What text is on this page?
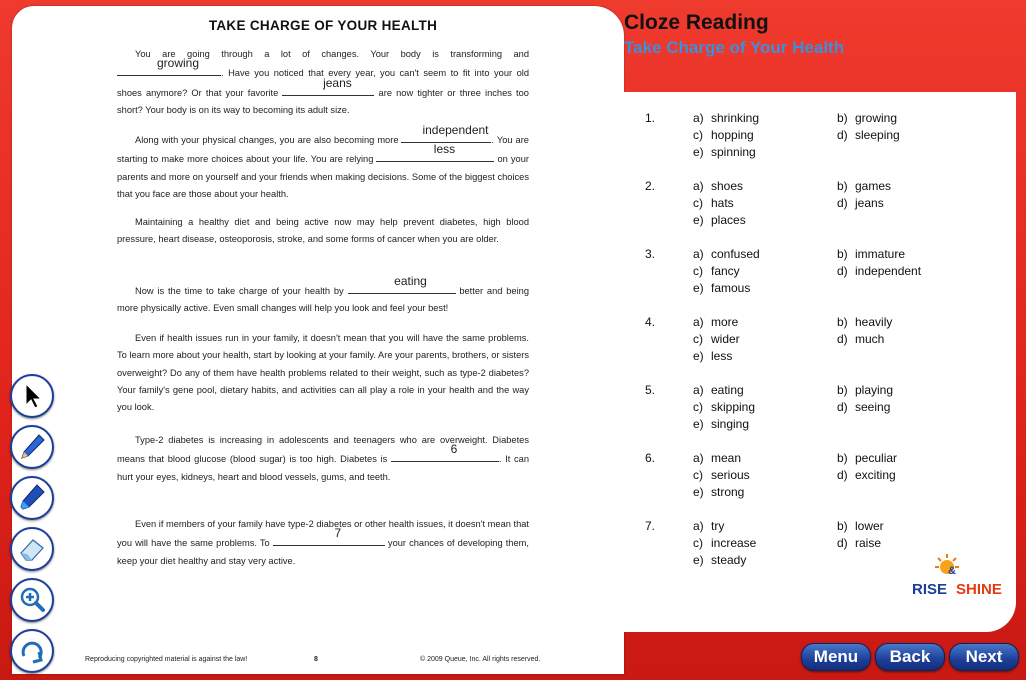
TAKE CHARGE OF YOUR HEALTH
You are going through a lot of changes. Your body is transforming and
growing
. Have you noticed that every year, you can't seem to fit into your old shoes anymore? Or that your favorite
jeans
are now tighter or three inches too short? Your body is on its way to becoming its adult size.
Along with your physical changes, you are also becoming more
independent
. You are starting to make more choices about your life. You are relying
less
on your parents and more on yourself and your friends when making decisions. Some of the biggest choices that you face are those about your health.
Maintaining a healthy diet and being active now may help prevent diabetes, high blood pressure, heart disease, osteoporosis, stroke, and some forms of cancer when you are older.
Now is the time to take charge of your health by
eating
better and being more physically active. Even small changes will help you look and feel your best!
Even if health issues run in your family, it doesn't mean that you will have the same problems. To learn more about your health, start by looking at your family. Are your parents, brothers, or sisters overweight? Do any of them have health problems related to their weight, such as type-2 diabetes? Your family's gene pool, dietary habits, and activities can all play a role in your health and the way you look.
Type-2 diabetes is increasing in adolescents and teenagers who are overweight. Diabetes means that blood glucose (blood sugar) is too high. Diabetes is
6
. It can hurt your eyes, kidneys, heart and blood vessels, gums, and teeth.
Even if members of your family have type-2 diabetes or other health issues, it doesn't mean that you will have the same problems. To
7
your chances of developing them, keep your diet healthy and stay very active.
Reproducing copyrighted material is against the law!	8	© 2009 Queue, Inc. All rights reserved.
Cloze Reading
Take Charge of Your Health
1.	a) shrinking	b) growing
c) hopping	d) sleeping
e) spinning
2.	a) shoes	b) games
c) hats	d) jeans
e) places
3.	a) confused	b) immature
c) fancy	d) independent
e) famous
4.	a) more	b) heavily
c) wider	d) much
e) less
5.	a) eating	b) playing
c) skipping	d) seeing
e) singing
6.	a) mean	b) peculiar
c) serious	d) exciting
e) strong
7.	a) try	b) lower
c) increase	d) raise
e) steady
RISE
&
SHINE
Menu	Back	Next
